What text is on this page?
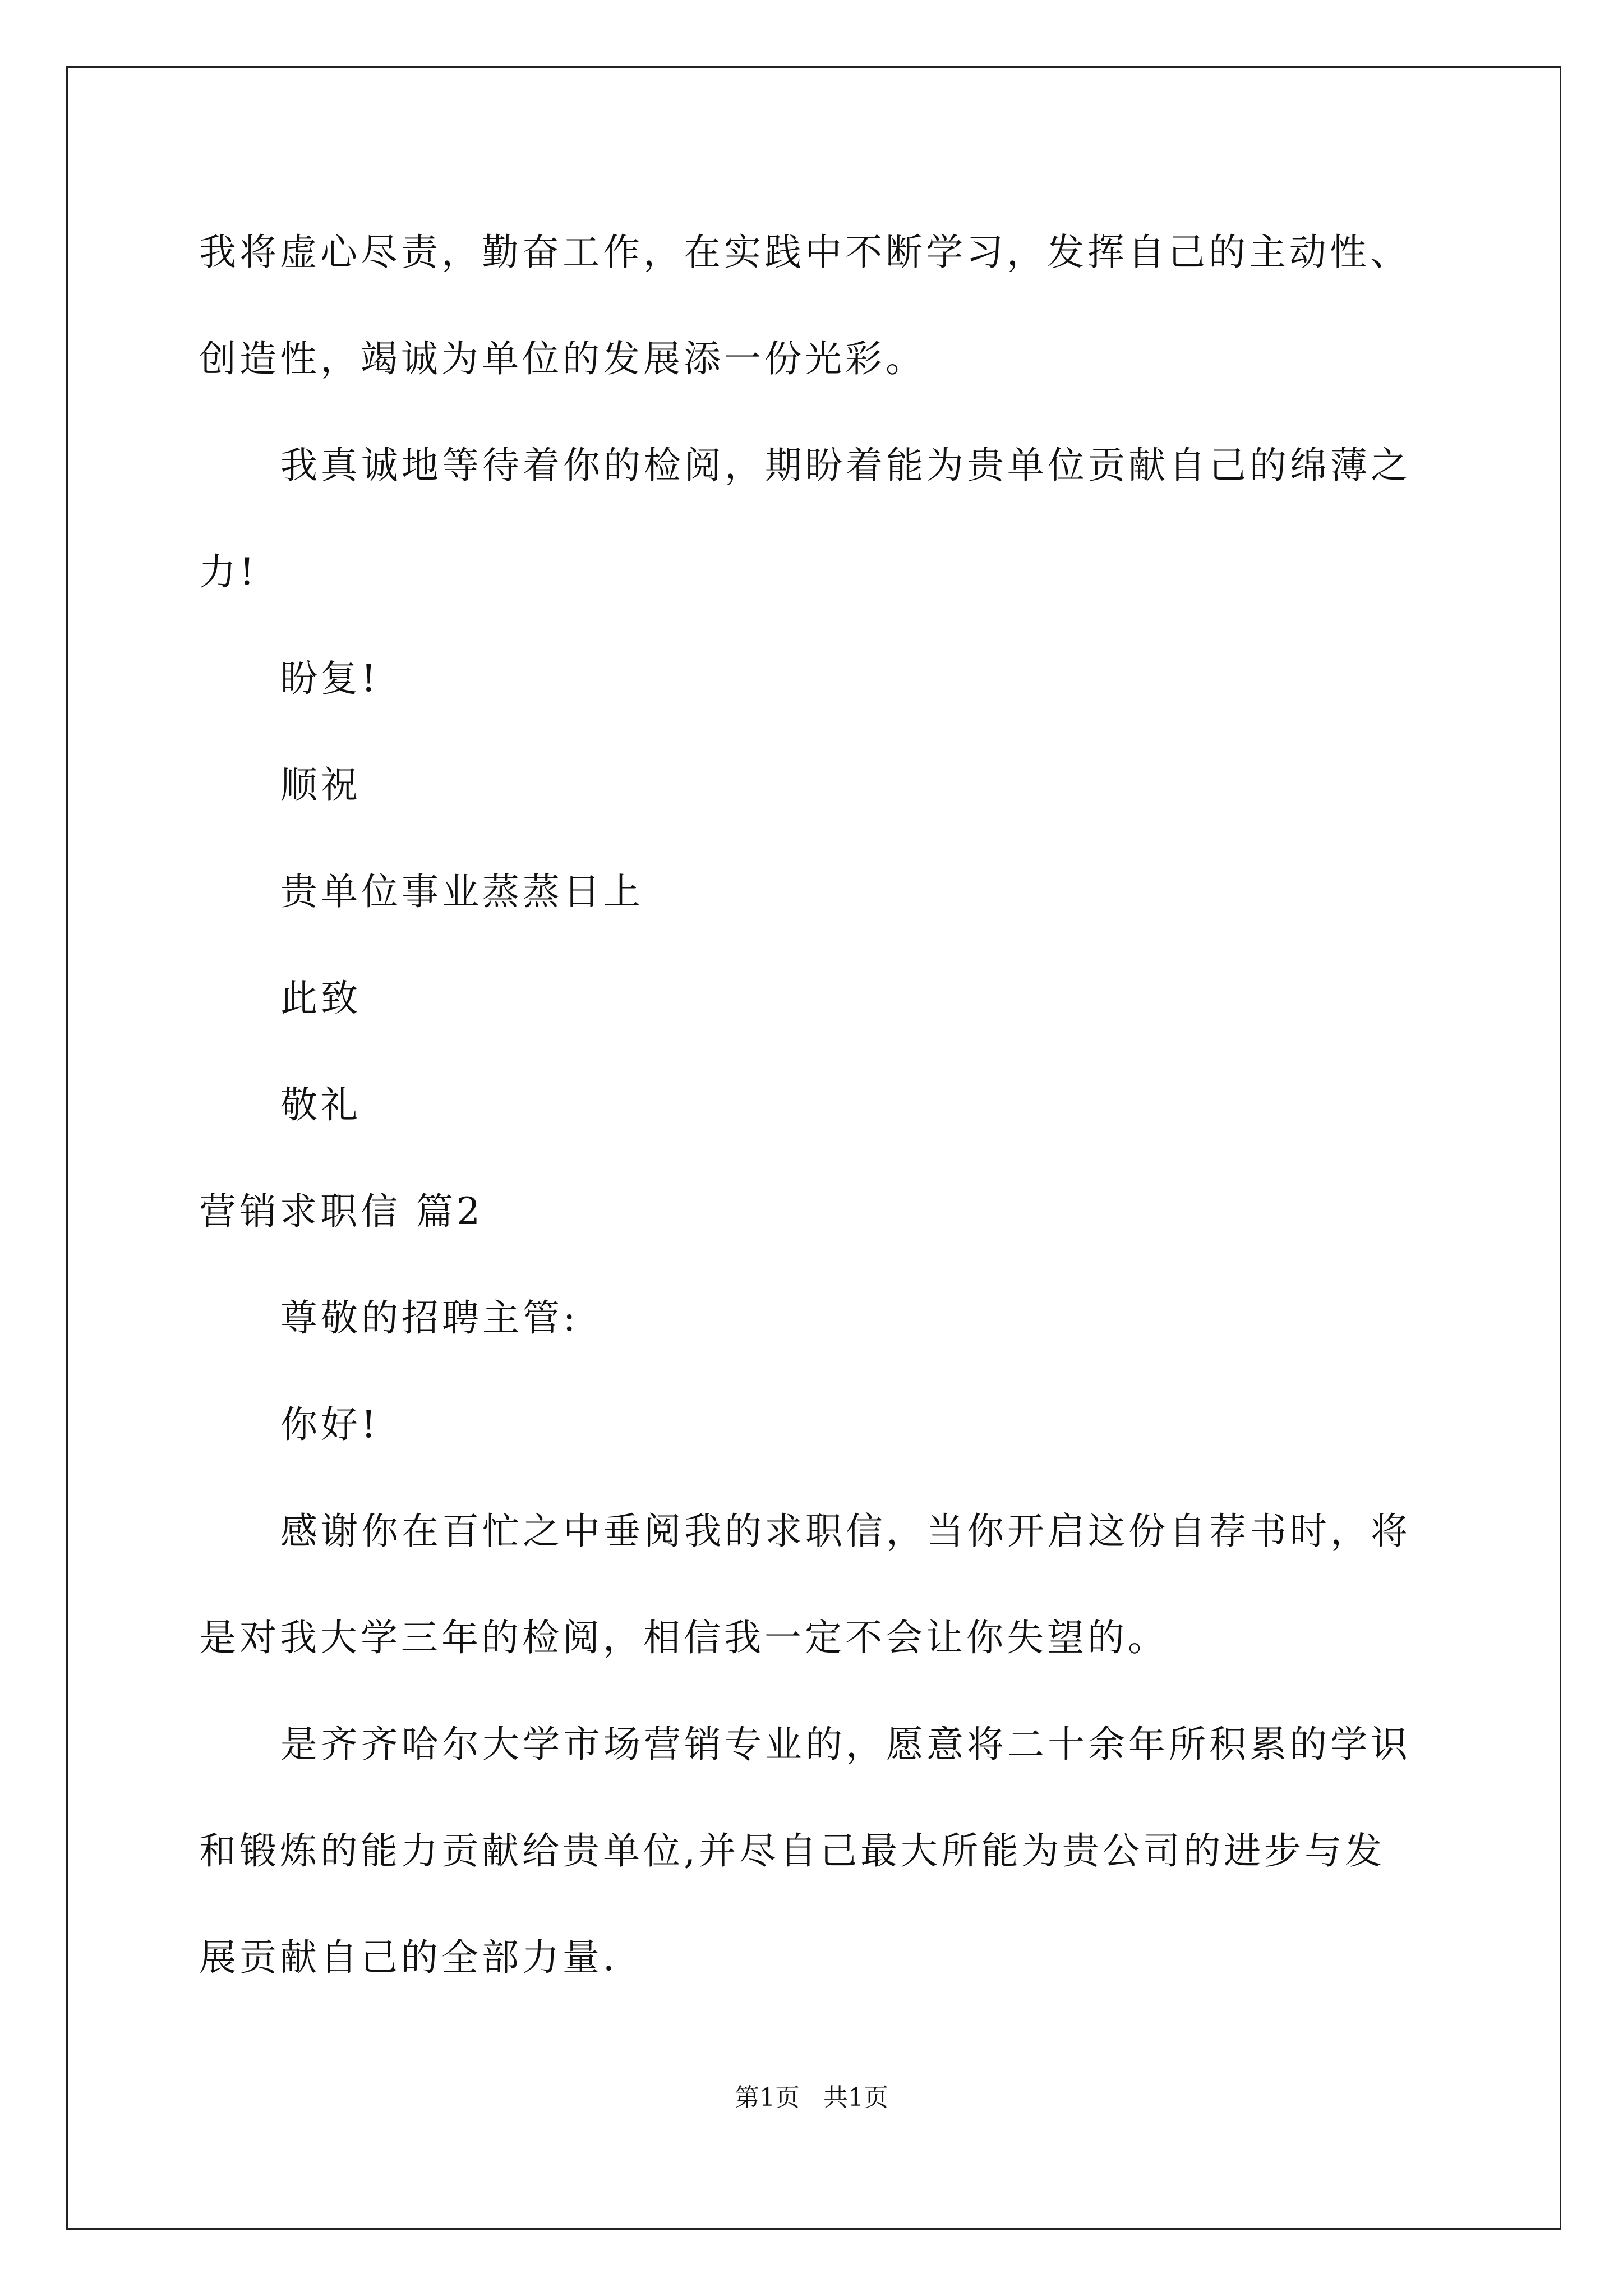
我将虚心尽责，勤奋工作，在实践中不断学习，发挥自己的主动性、
创造性，竭诚为单位的发展添一份光彩。
我真诚地等待着你的检阅，期盼着能为贵单位贡献自己的绵薄之
力!
盼复!
顺祝
贵单位事业蒸蒸日上
此致
敬礼
营销求职信 篇2
尊敬的招聘主管:
你好!
感谢你在百忙之中垂阅我的求职信，当你开启这份自荐书时，将
是对我大学三年的检阅，相信我一定不会让你失望的。
是齐齐哈尔大学市场营销专业的，愿意将二十余年所积累的学识
和锻炼的能力贡献给贵单位,并尽自己最大所能为贵公司的进步与发
展贡献自己的全部力量.
第1页 共1页
